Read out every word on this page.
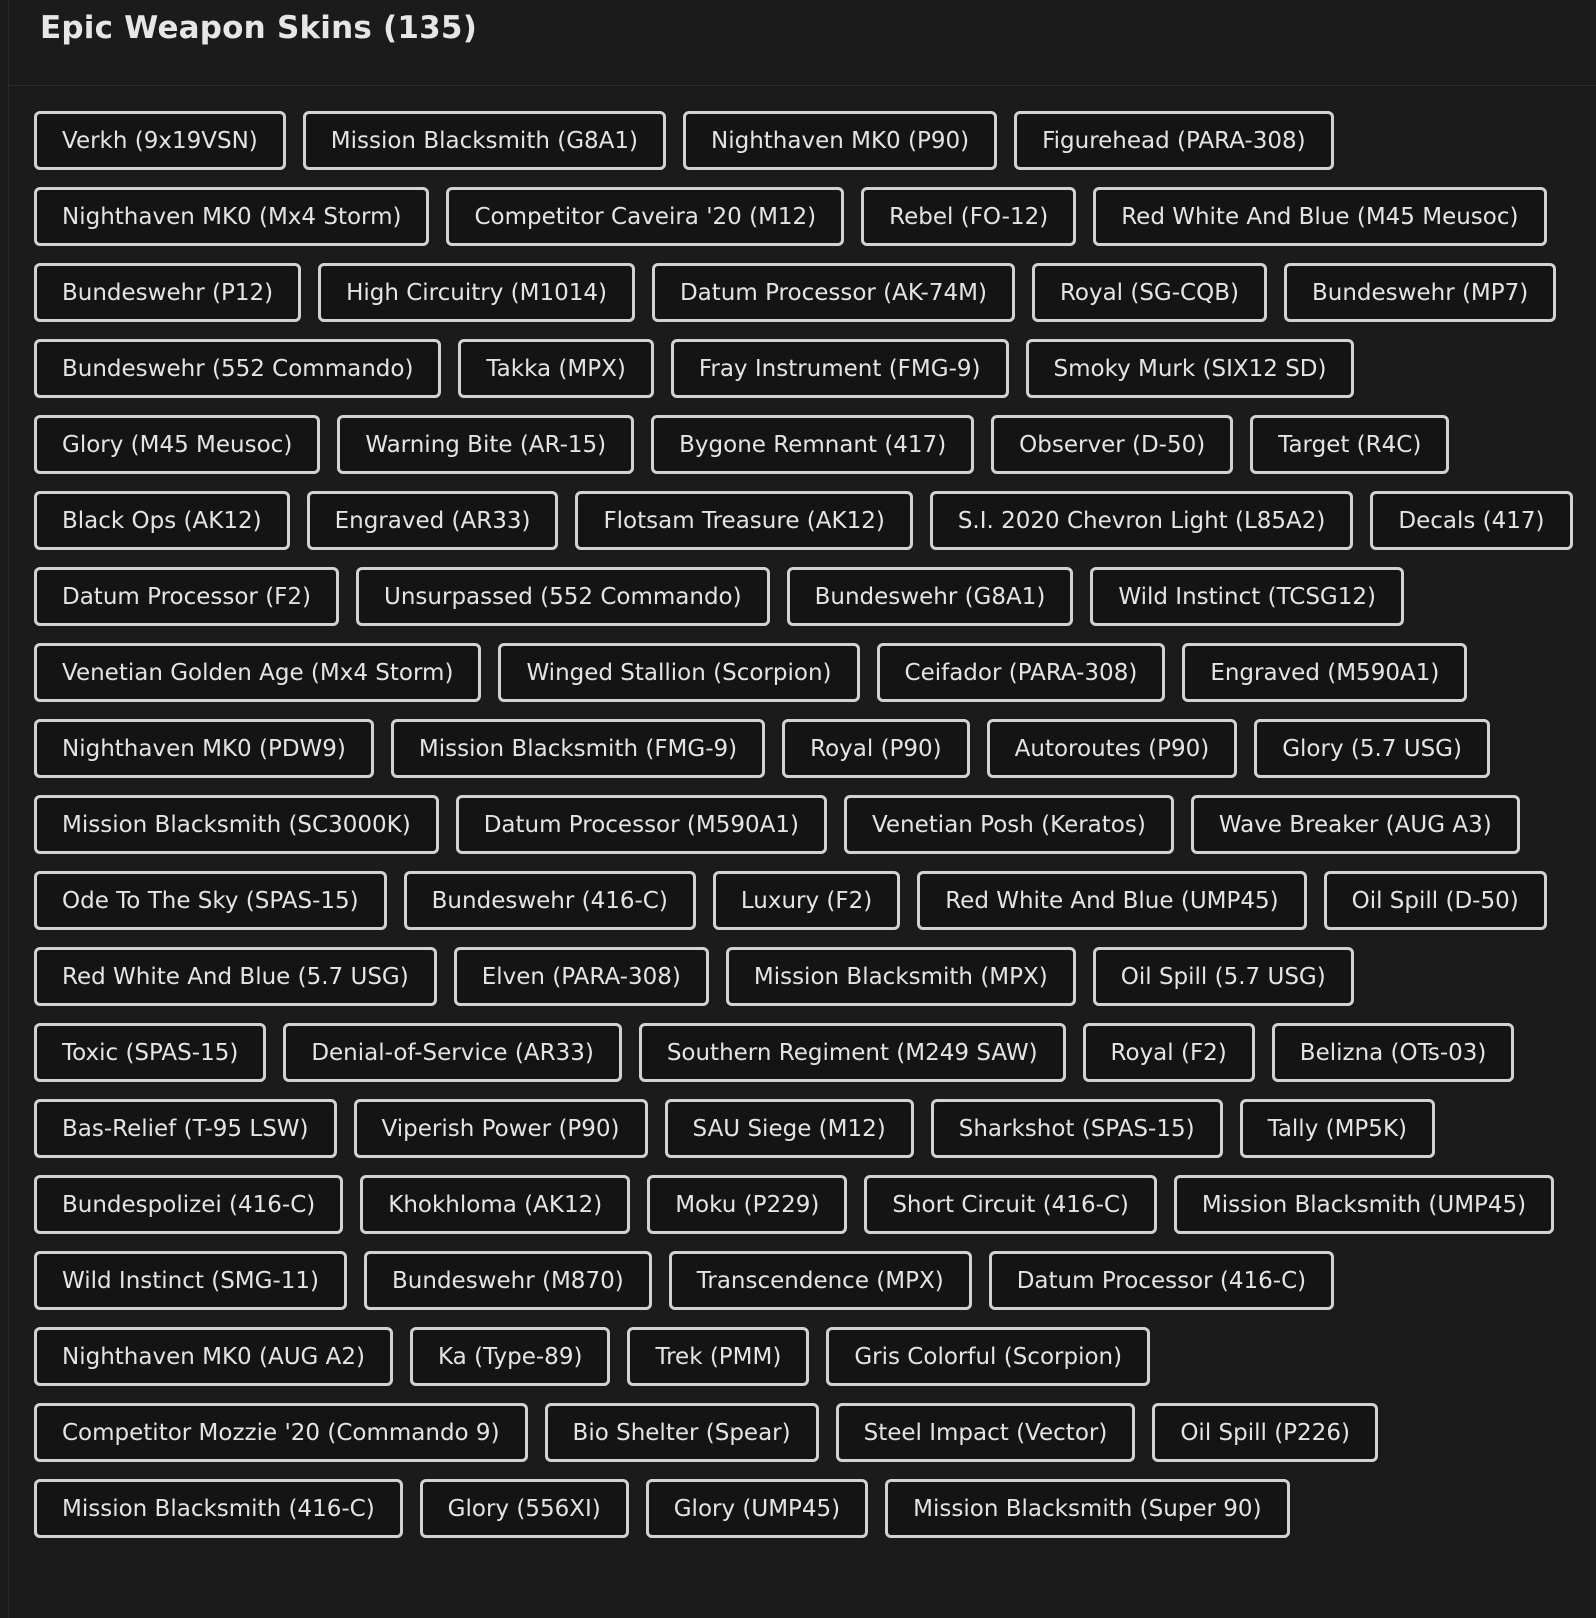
Epic Weapon Skins (135)
Verkh (9x19VSN)	Mission Blacksmith (G8A1)	Nighthaven MK0 (P90)	Figurehead (PARA-308)
Nighthaven MK0 (Mx4 Storm)	Competitor Caveira '20 (M12)	Rebel (FO-12)	Red White And Blue (M45 Meusoc)
Bundeswehr (P12)	High Circuitry (M1014)	Datum Processor (AK-74M)	Royal (SG-CQB)	Bundeswehr (MP7)
Bundeswehr (552 Commando)	Takka (MPX)	Fray Instrument (FMG-9)	Smoky Murk (SIX12 SD)
Glory (M45 Meusoc)	Warning Bite (AR-15)	Bygone Remnant (417)	Observer (D-50)	Target (R4C)
Black Ops (AK12)	Engraved (AR33)	Flotsam Treasure (AK12)	S.I. 2020 Chevron Light (L85A2)	Decals (417)
Datum Processor (F2)	Unsurpassed (552 Commando)	Bundeswehr (G8A1)	Wild Instinct (TCSG12)
Venetian Golden Age (Mx4 Storm)	Winged Stallion (Scorpion)	Ceifador (PARA-308)	Engraved (M590A1)
Nighthaven MK0 (PDW9)	Mission Blacksmith (FMG-9)	Royal (P90)	Autoroutes (P90)	Glory (5.7 USG)
Mission Blacksmith (SC3000K)	Datum Processor (M590A1)	Venetian Posh (Keratos)	Wave Breaker (AUG A3)
Ode To The Sky (SPAS-15)	Bundeswehr (416-C)	Luxury (F2)	Red White And Blue (UMP45)	Oil Spill (D-50)
Red White And Blue (5.7 USG)	Elven (PARA-308)	Mission Blacksmith (MPX)	Oil Spill (5.7 USG)
Toxic (SPAS-15)	Denial-of-Service (AR33)	Southern Regiment (M249 SAW)	Royal (F2)	Belizna (OTs-03)
Bas-Relief (T-95 LSW)	Viperish Power (P90)	SAU Siege (M12)	Sharkshot (SPAS-15)	Tally (MP5K)
Bundespolizei (416-C)	Khokhloma (AK12)	Moku (P229)	Short Circuit (416-C)	Mission Blacksmith (UMP45)
Wild Instinct (SMG-11)	Bundeswehr (M870)	Transcendence (MPX)	Datum Processor (416-C)
Nighthaven MK0 (AUG A2)	Ka (Type-89)	Trek (PMM)	Gris Colorful (Scorpion)
Competitor Mozzie '20 (Commando 9)	Bio Shelter (Spear)	Steel Impact (Vector)	Oil Spill (P226)
Mission Blacksmith (416-C)	Glory (556XI)	Glory (UMP45)	Mission Blacksmith (Super 90)
